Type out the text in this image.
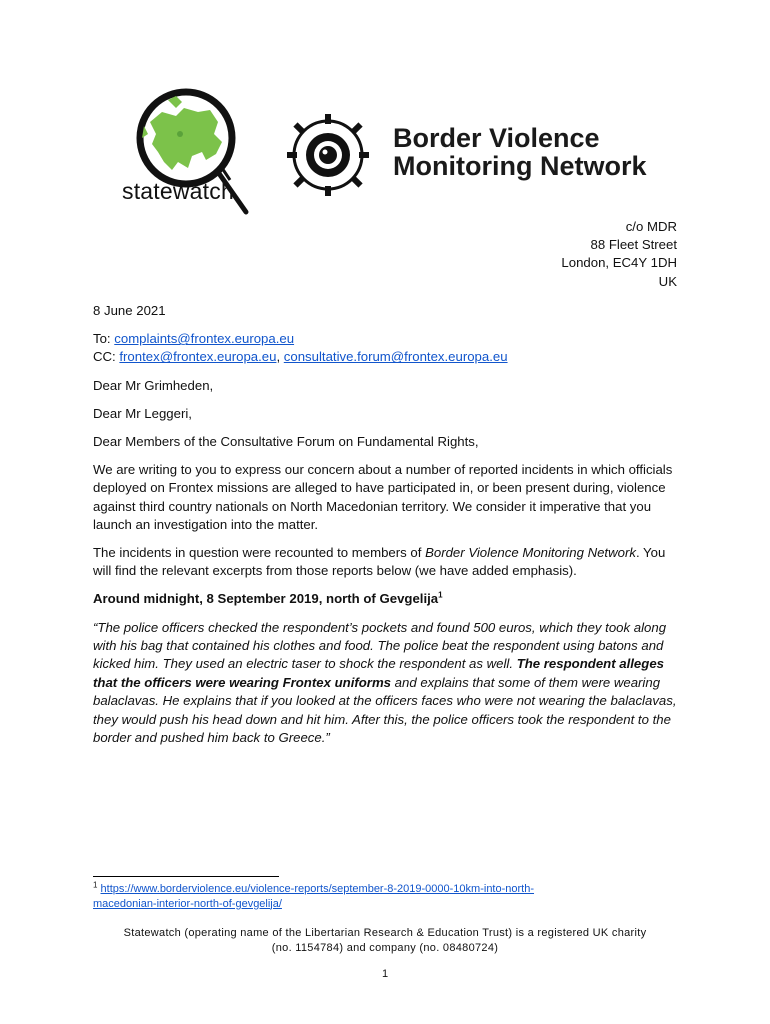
statewatch
Border Violence
Monitoring Network
c/o MDR
88 Fleet Street
London, EC4Y 1DH
UK

8 June 2021

To: complaints@frontex.europa.eu
CC: frontex@frontex.europa.eu, consultative.forum@frontex.europa.eu

Dear Mr Grimheden,

Dear Mr Leggeri,

Dear Members of the Consultative Forum on Fundamental Rights,

We are writing to you to express our concern about a number of reported incidents in which officials deployed on Frontex missions are alleged to have participated in, or been present during, violence against third country nationals on North Macedonian territory. We consider it imperative that you launch an investigation into the matter.

The incidents in question were recounted to members of Border Violence Monitoring Network. You will find the relevant excerpts from those reports below (we have added emphasis).

Around midnight, 8 September 2019, north of Gevgelija$^1$

“The police officers checked the respondent’s pockets and found 500 euros, which they took along with his bag that contained his clothes and food. The police beat the respondent using batons and kicked him. They used an electric taser to shock the respondent as well. The respondent alleges that the officers were wearing Frontex uniforms and explains that some of them were wearing balaclavas. He explains that if you looked at the officers faces who were not wearing the balaclavas, they would push his head down and hit him. After this, the police officers took the respondent to the border and pushed him back to Greece.”

$^1$ https://www.borderviolence.eu/violence-reports/september-8-2019-0000-10km-into-north-
macedonian-interior-north-of-gevgelija/
Statewatch (operating name of the Libertarian Research & Education Trust) is a registered UK charity
(no. 1154784) and company (no. 08480724)
1
